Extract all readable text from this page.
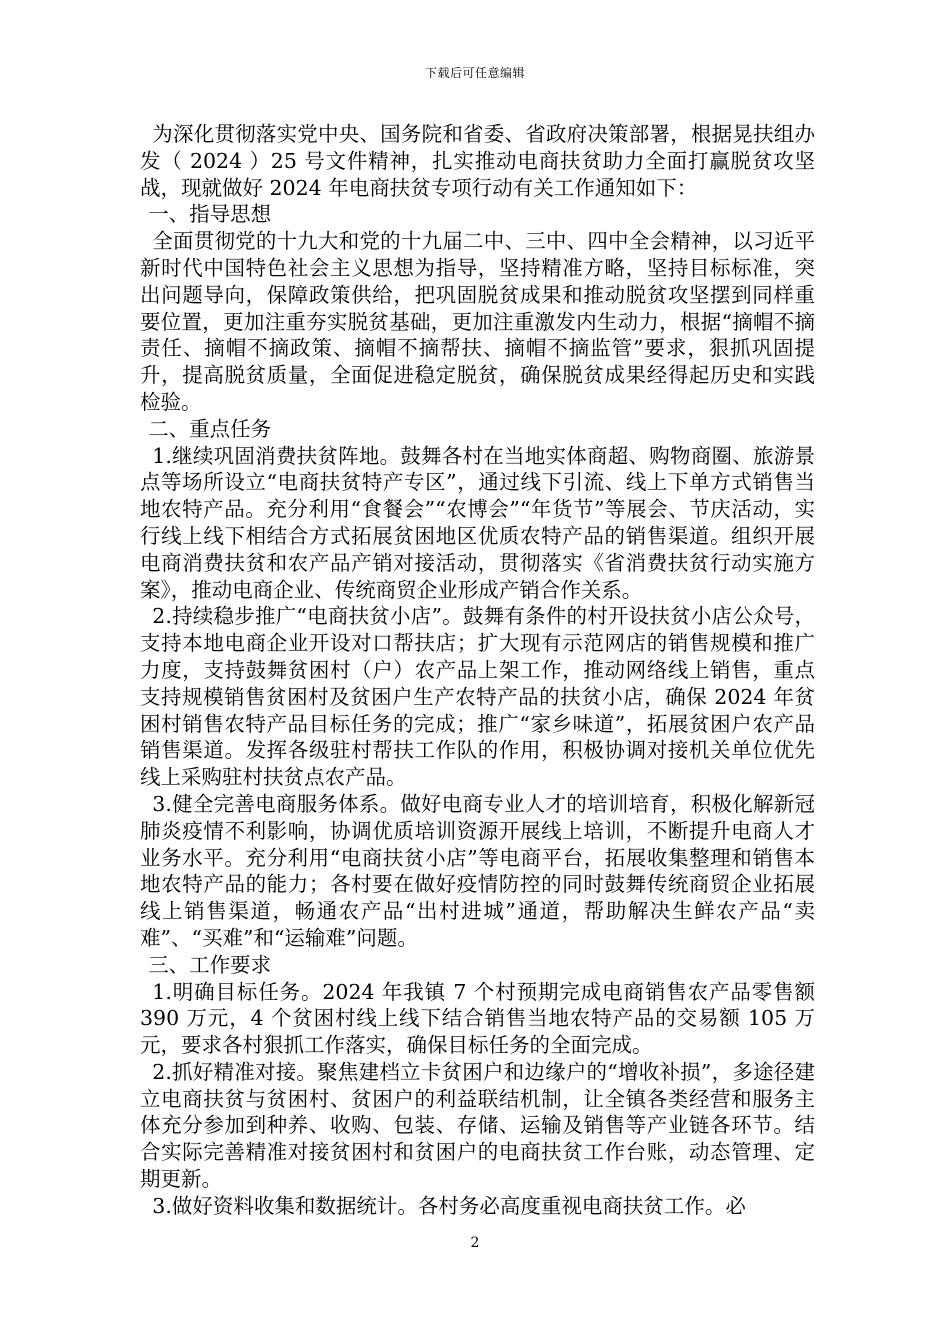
下载后可任意编辑

为深化贯彻落实党中央、国务院和省委、省政府决策部署，根据晃扶组办发（ 2024 ）25 号文件精神，扎实推动电商扶贫助力全面打赢脱贫攻坚战，现就做好 2024 年电商扶贫专项行动有关工作通知如下：

一、指导思想

全面贯彻党的十九大和党的十九届二中、三中、四中全会精神，以习近平新时代中国特色社会主义思想为指导，坚持精准方略，坚持目标标准，突出问题导向，保障政策供给，把巩固脱贫成果和推动脱贫攻坚摆到同样重要位置，更加注重夯实脱贫基础，更加注重激发内生动力，根据“摘帽不摘责任、摘帽不摘政策、摘帽不摘帮扶、摘帽不摘监管”要求，狠抓巩固提升，提高脱贫质量，全面促进稳定脱贫，确保脱贫成果经得起历史和实践检验。

二、重点任务

1.继续巩固消费扶贫阵地。鼓舞各村在当地实体商超、购物商圈、旅游景点等场所设立“电商扶贫特产专区”，通过线下引流、线上下单方式销售当地农特产品。充分利用“食餐会”“农博会”“年货节”等展会、节庆活动，实行线上线下相结合方式拓展贫困地区优质农特产品的销售渠道。组织开展电商消费扶贫和农产品产销对接活动，贯彻落实《省消费扶贫行动实施方案》，推动电商企业、传统商贸企业形成产销合作关系。

2.持续稳步推广“电商扶贫小店”。鼓舞有条件的村开设扶贫小店公众号，支持本地电商企业开设对口帮扶店；扩大现有示范网店的销售规模和推广力度，支持鼓舞贫困村（户）农产品上架工作，推动网络线上销售，重点支持规模销售贫困村及贫困户生产农特产品的扶贫小店，确保 2024 年贫困村销售农特产品目标任务的完成；推广“家乡味道”，拓展贫困户农产品销售渠道。发挥各级驻村帮扶工作队的作用，积极协调对接机关单位优先线上采购驻村扶贫点农产品。

3.健全完善电商服务体系。做好电商专业人才的培训培育，积极化解新冠肺炎疫情不利影响，协调优质培训资源开展线上培训，不断提升电商人才业务水平。充分利用“电商扶贫小店”等电商平台，拓展收集整理和销售本地农特产品的能力；各村要在做好疫情防控的同时鼓舞传统商贸企业拓展线上销售渠道，畅通农产品“出村进城”通道，帮助解决生鲜农产品“卖难”、“买难”和“运输难”问题。

三、工作要求

1.明确目标任务。2024 年我镇 7 个村预期完成电商销售农产品零售额 390 万元，4 个贫困村线上线下结合销售当地农特产品的交易额 105 万元，要求各村狠抓工作落实，确保目标任务的全面完成。

2.抓好精准对接。聚焦建档立卡贫困户和边缘户的“增收补损”，多途径建立电商扶贫与贫困村、贫困户的利益联结机制，让全镇各类经营和服务主体充分参加到种养、收购、包装、存储、运输及销售等产业链各环节。结合实际完善精准对接贫困村和贫困户的电商扶贫工作台账，动态管理、定期更新。

3.做好资料收集和数据统计。各村务必高度重视电商扶贫工作。必

2
